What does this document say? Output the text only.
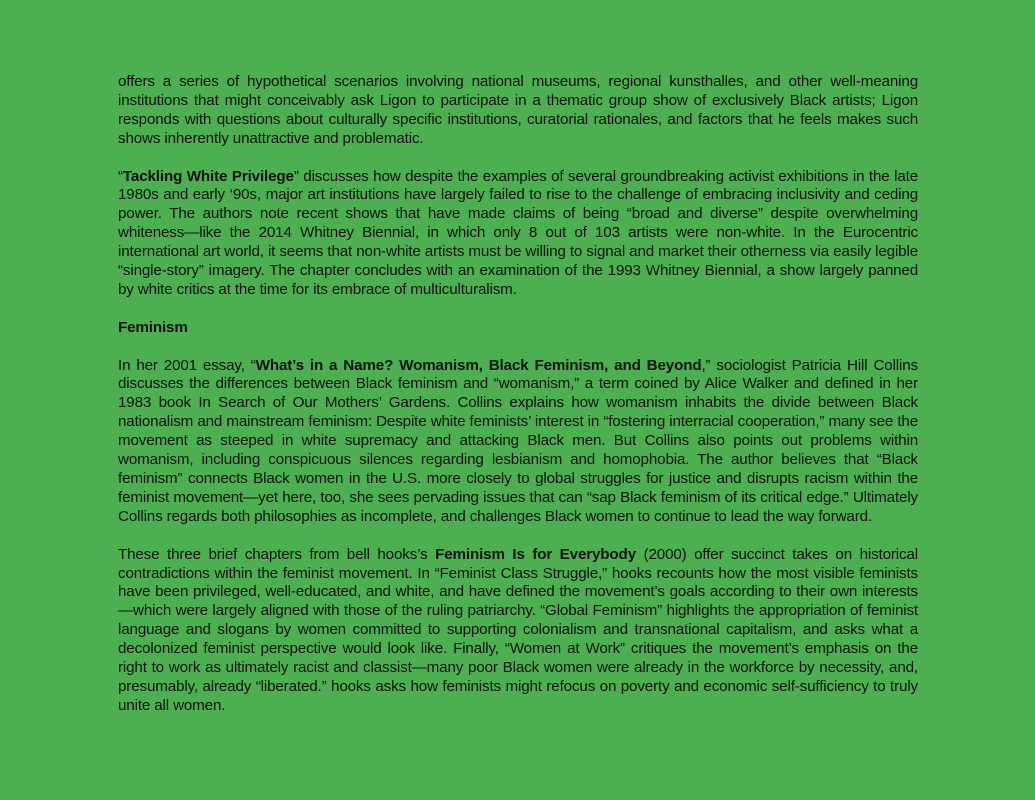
offers a series of hypothetical scenarios involving national museums, regional kunsthalles, and other well-meaning institutions that might conceivably ask Ligon to participate in a thematic group show of exclusively Black artists; Ligon responds with questions about culturally specific institutions, curatorial rationales, and factors that he feels makes such shows inherently unattractive and problematic.

“Tackling White Privilege” discusses how despite the examples of several groundbreaking activist exhibitions in the late 1980s and early ‘90s, major art institutions have largely failed to rise to the challenge of embracing inclusivity and ceding power. The authors note recent shows that have made claims of being “broad and diverse” despite overwhelming whiteness—like the 2014 Whitney Biennial, in which only 8 out of 103 artists were non-white. In the Eurocentric international art world, it seems that non-white artists must be willing to signal and market their otherness via easily legible “single-story” imagery. The chapter concludes with an examination of the 1993 Whitney Biennial, a show largely panned by white critics at the time for its embrace of multiculturalism.

Feminism

In her 2001 essay, “What’s in a Name? Womanism, Black Feminism, and Beyond,” sociologist Patricia Hill Collins discusses the differences between Black feminism and “womanism,” a term coined by Alice Walker and defined in her 1983 book In Search of Our Mothers’ Gardens. Collins explains how womanism inhabits the divide between Black nationalism and mainstream feminism: Despite white feminists’ interest in “fostering interracial cooperation,” many see the movement as steeped in white supremacy and attacking Black men. But Collins also points out problems within womanism, including conspicuous silences regarding lesbianism and homophobia. The author believes that “Black feminism” connects Black women in the U.S. more closely to global struggles for justice and disrupts racism within the feminist movement—yet here, too, she sees pervading issues that can “sap Black feminism of its critical edge.” Ultimately Collins regards both philosophies as incomplete, and challenges Black women to continue to lead the way forward.

These three brief chapters from bell hooks’s Feminism Is for Everybody (2000) offer succinct takes on historical contradictions within the feminist movement. In “Feminist Class Struggle,” hooks recounts how the most visible feminists have been privileged, well-educated, and white, and have defined the movement’s goals according to their own interests—which were largely aligned with those of the ruling patriarchy. “Global Feminism” highlights the appropriation of feminist language and slogans by women committed to supporting colonialism and transnational capitalism, and asks what a decolonized feminist perspective would look like. Finally, “Women at Work” critiques the movement’s emphasis on the right to work as ultimately racist and classist—many poor Black women were already in the workforce by necessity, and, presumably, already “liberated.” hooks asks how feminists might refocus on poverty and economic self-sufficiency to truly unite all women.
